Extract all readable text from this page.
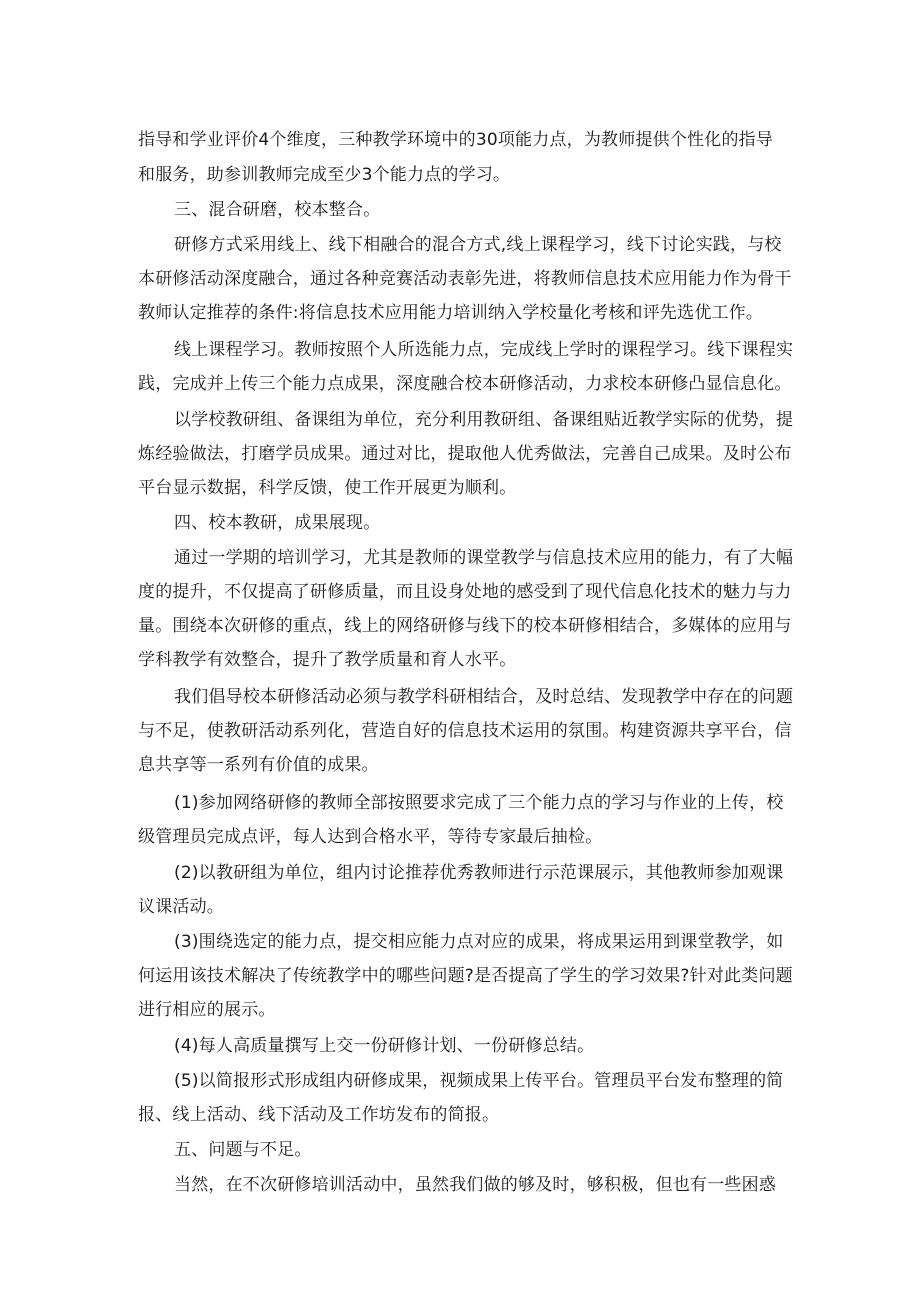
指导和学业评价4个维度，三种教学环境中的30项能力点，为教师提供个性化的指导
和服务，助参训教师完成至少3个能力点的学习。
三、混合研磨，校本整合。
研修方式采用线上、线下相融合的混合方式,线上课程学习，线下讨论实践，与校
本研修活动深度融合，通过各种竞赛活动表彰先进，将教师信息技术应用能力作为骨干
教师认定推荐的条件:将信息技术应用能力培训纳入学校量化考核和评先选优工作。
线上课程学习。教师按照个人所选能力点，完成线上学时的课程学习。线下课程实
践，完成并上传三个能力点成果，深度融合校本研修活动，力求校本研修凸显信息化。
以学校教研组、备课组为单位，充分利用教研组、备课组贴近教学实际的优势，提
炼经验做法，打磨学员成果。通过对比，提取他人优秀做法，完善自己成果。及时公布
平台显示数据，科学反馈，使工作开展更为顺利。
四、校本教研，成果展现。
通过一学期的培训学习，尤其是教师的课堂教学与信息技术应用的能力，有了大幅
度的提升，不仅提高了研修质量，而且设身处地的感受到了现代信息化技术的魅力与力
量。围绕本次研修的重点，线上的网络研修与线下的校本研修相结合，多媒体的应用与
学科教学有效整合，提升了教学质量和育人水平。
我们倡导校本研修活动必须与教学科研相结合，及时总结、发现教学中存在的问题
与不足，使教研活动系列化，营造自好的信息技术运用的氛围。构建资源共享平台，信
息共享等一系列有价值的成果。
(1)参加网络研修的教师全部按照要求完成了三个能力点的学习与作业的上传，校
级管理员完成点评，每人达到合格水平，等待专家最后抽检。
(2)以教研组为单位，组内讨论推荐优秀教师进行示范课展示，其他教师参加观课
议课活动。
(3)围绕选定的能力点，提交相应能力点对应的成果，将成果运用到课堂教学，如
何运用该技术解决了传统教学中的哪些问题?是否提高了学生的学习效果?针对此类问题
进行相应的展示。
(4)每人高质量撰写上交一份研修计划、一份研修总结。
(5)以简报形式形成组内研修成果，视频成果上传平台。管理员平台发布整理的简
报、线上活动、线下活动及工作坊发布的简报。
五、问题与不足。
当然，在不次研修培训活动中，虽然我们做的够及时，够积极，但也有一些困惑
